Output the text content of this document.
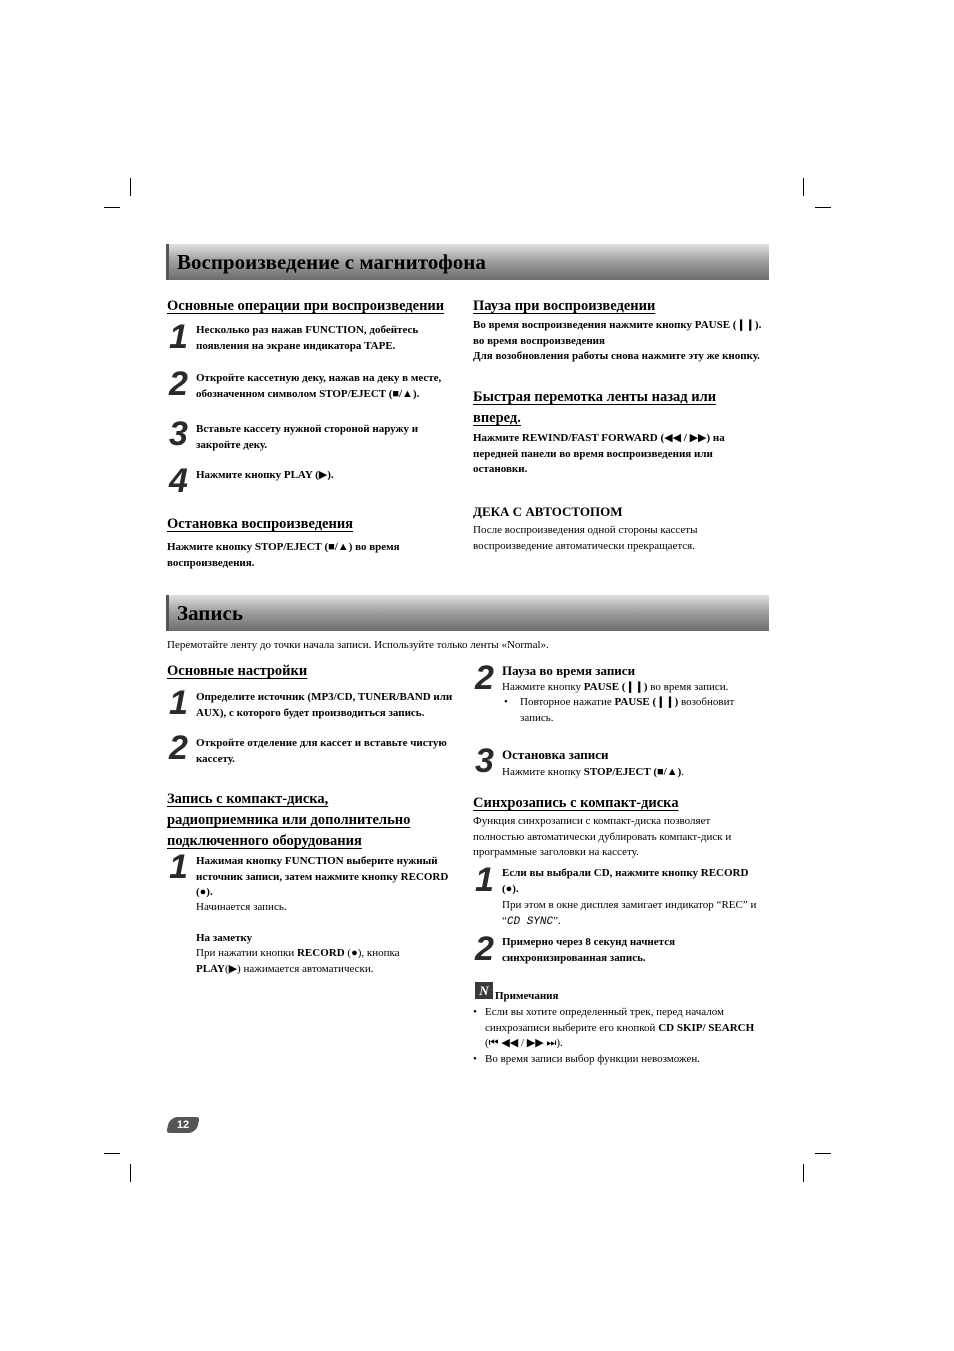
Воспроизведение с магнитофона
Основные операции при воспроизведении
1 Несколько раз нажав FUNCTION, добейтесь появления на экране индикатора TAPE.
2 Откройте кассетную деку, нажав на деку в месте, обозначенном символом STOP/EJECT (■/▲).
3 Вставьте кассету нужной стороной наружу и закройте деку.
4 Нажмите кнопку PLAY (▶).
Остановка воспроизведения
Нажмите кнопку STOP/EJECT (■/▲) во время воспроизведения.
Пауза при воспроизведении
Во время воспроизведения нажмите кнопку PAUSE (❙❙). во время воспроизведения
Для возобновления работы снова нажмите эту же кнопку.
Быстрая перемотка ленты назад или
вперед.
Нажмите REWIND/FAST FORWARD (◀◀ / ▶▶) на передней панели во время воспроизведения или остановки.
ДЕКА С АВТОСТОПОМ
После воспроизведения одной стороны кассеты воспроизведение автоматически прекращается.
Запись
Перемотайте ленту до точки начала записи. Используйте только ленты «Normal».
Основные настройки
1 Определите источник (MP3/CD, TUNER/BAND или AUX), с которого будет производиться запись.
2 Откройте отделение для кассет и вставьте чистую кассету.
Запись с компакт-диска,
радиоприемника или дополнительно
подключенного оборудования
1 Нажимая кнопку FUNCTION выберите нужный источник записи, затем нажмите кнопку RECORD (●).
Начинается запись.
На заметку
При нажатии кнопки RECORD (●), кнопка
PLAY(▶) нажимается автоматически.
2 Пауза во время записи
Нажмите кнопку PAUSE (❙❙) во время записи.
• Повторное нажатие PAUSE (❙❙) возобновит запись.
3 Остановка записи
Нажмите кнопку STOP/EJECT (■/▲).
Синхрозапись с компакт-диска
Функция синхрозаписи с компакт-диска позволяет полностью автоматически дублировать компакт-диск и программные заголовки на кассету.
1 Если вы выбрали CD, нажмите кнопку RECORD (●).
При этом в окне дисплея замигает индикатор “REC” и “CD SYNC”.
2 Примерно через 8 секунд начнется синхронизированная запись.
N Примечания
• Если вы хотите определенный трек, перед началом синхрозаписи выберите его кнопкой CD SKIP/ SEARCH (⏮ ◀◀ / ▶▶ ⏭).
• Во время записи выбор функции невозможен.
12
